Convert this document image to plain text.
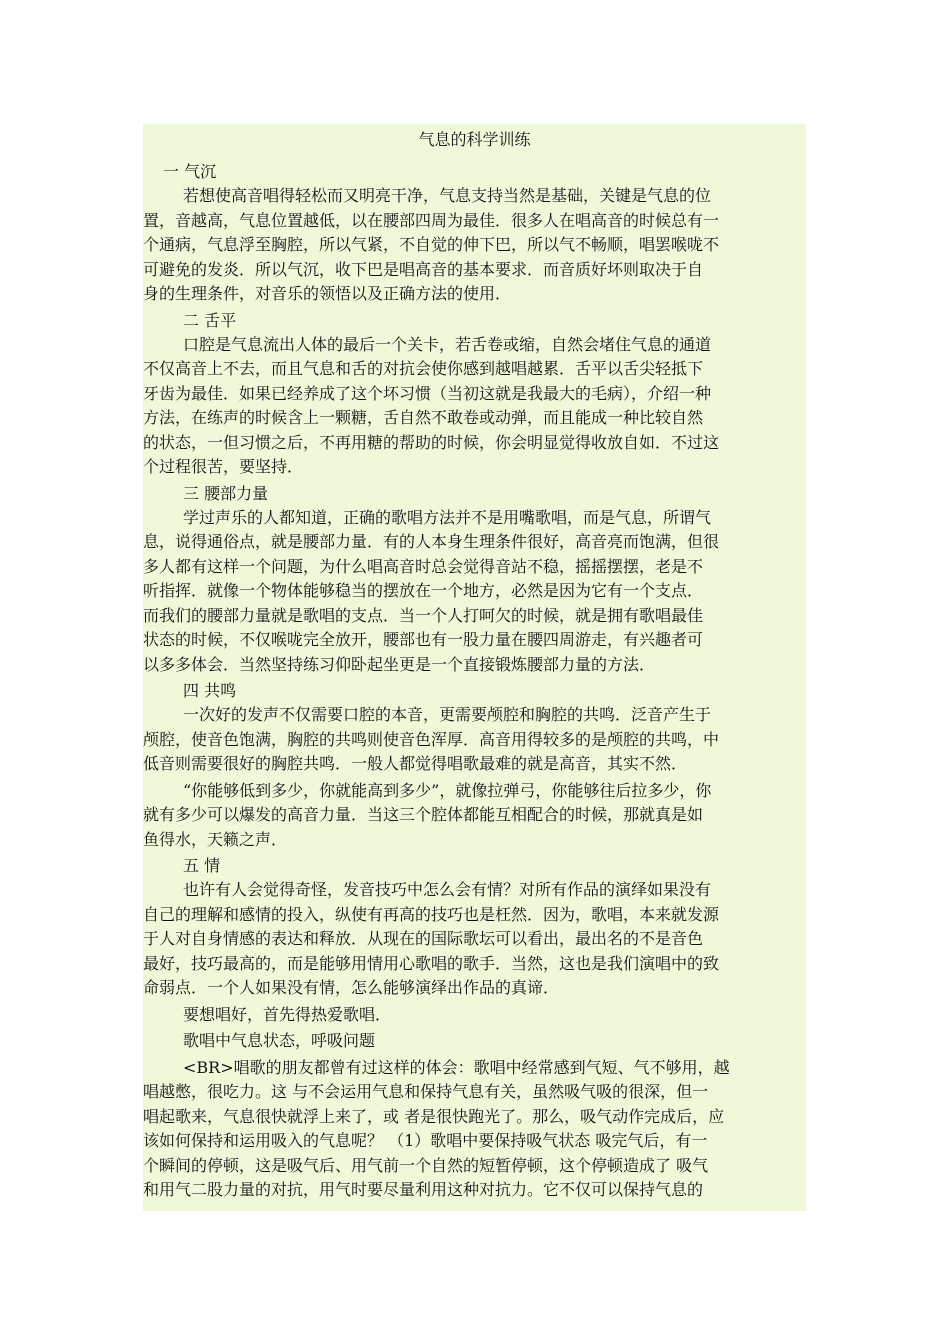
气息的科学训练
一 气沉
若想使高音唱得轻松而又明亮干净，气息支持当然是基础，关键是气息的位
置，音越高，气息位置越低，以在腰部四周为最佳．很多人在唱高音的时候总有一
个通病，气息浮至胸腔，所以气紧，不自觉的伸下巴，所以气不畅顺，唱罢喉咙不
可避免的发炎．所以气沉，收下巴是唱高音的基本要求．而音质好坏则取决于自
身的生理条件，对音乐的领悟以及正确方法的使用．
二 舌平
口腔是气息流出人体的最后一个关卡，若舌卷或缩，自然会堵住气息的通道
不仅高音上不去，而且气息和舌的对抗会使你感到越唱越累．舌平以舌尖轻抵下
牙齿为最佳．如果已经养成了这个坏习惯（当初这就是我最大的毛病），介绍一种
方法，在练声的时候含上一颗糖，舌自然不敢卷或动弹，而且能成一种比较自然
的状态，一但习惯之后，不再用糖的帮助的时候，你会明显觉得收放自如．不过这
个过程很苦，要坚持．
三 腰部力量
学过声乐的人都知道，正确的歌唱方法并不是用嘴歌唱，而是气息，所谓气
息，说得通俗点，就是腰部力量．有的人本身生理条件很好，高音亮而饱满，但很
多人都有这样一个问题，为什么唱高音时总会觉得音站不稳，摇摇摆摆，老是不
听指挥．就像一个物体能够稳当的摆放在一个地方，必然是因为它有一个支点．
而我们的腰部力量就是歌唱的支点．当一个人打呵欠的时候，就是拥有歌唱最佳
状态的时候，不仅喉咙完全放开，腰部也有一股力量在腰四周游走，有兴趣者可
以多多体会．当然坚持练习仰卧起坐更是一个直接锻炼腰部力量的方法．
四 共鸣
一次好的发声不仅需要口腔的本音，更需要颅腔和胸腔的共鸣．泛音产生于
颅腔，使音色饱满，胸腔的共鸣则使音色浑厚．高音用得较多的是颅腔的共鸣，中
低音则需要很好的胸腔共鸣．一般人都觉得唱歌最难的就是高音，其实不然．
“你能够低到多少，你就能高到多少”，就像拉弹弓，你能够往后拉多少，你
就有多少可以爆发的高音力量．当这三个腔体都能互相配合的时候，那就真是如
鱼得水，天籁之声．
五 情
也许有人会觉得奇怪，发音技巧中怎么会有情？对所有作品的演绎如果没有
自己的理解和感情的投入，纵使有再高的技巧也是枉然．因为，歌唱，本来就发源
于人对自身情感的表达和释放．从现在的国际歌坛可以看出，最出名的不是音色
最好，技巧最高的，而是能够用情用心歌唱的歌手．当然，这也是我们演唱中的致
命弱点．一个人如果没有情，怎么能够演绎出作品的真谛．
要想唱好，首先得热爱歌唱．
歌唱中气息状态，呼吸问题
<BR>唱歌的朋友都曾有过这样的体会：歌唱中经常感到气短、气不够用，越
唱越憋，很吃力。这 与不会运用气息和保持气息有关，虽然吸气吸的很深，但一
唱起歌来，气息很快就浮上来了，或 者是很快跑光了。那么，吸气动作完成后，应
该如何保持和运用吸入的气息呢？ （1）歌唱中要保持吸气状态 吸完气后，有一
个瞬间的停顿，这是吸气后、用气前一个自然的短暂停顿，这个停顿造成了 吸气
和用气二股力量的对抗，用气时要尽量利用这种对抗力。它不仅可以保持气息的
